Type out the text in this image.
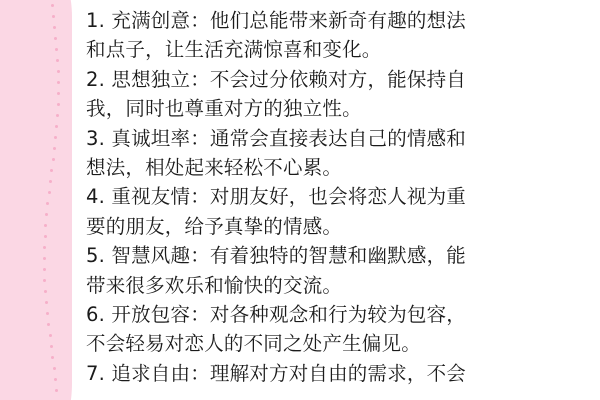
1. 充满创意：他们总能带来新奇有趣的想法
和点子，让生活充满惊喜和变化。
2. 思想独立：不会过分依赖对方，能保持自
我，同时也尊重对方的独立性。
3. 真诚坦率：通常会直接表达自己的情感和
想法，相处起来轻松不心累。
4. 重视友情：对朋友好，也会将恋人视为重
要的朋友，给予真挚的情感。
5. 智慧风趣：有着独特的智慧和幽默感，能
带来很多欢乐和愉快的交流。
6. 开放包容：对各种观念和行为较为包容，
不会轻易对恋人的不同之处产生偏见。
7. 追求自由：理解对方对自由的需求，不会
